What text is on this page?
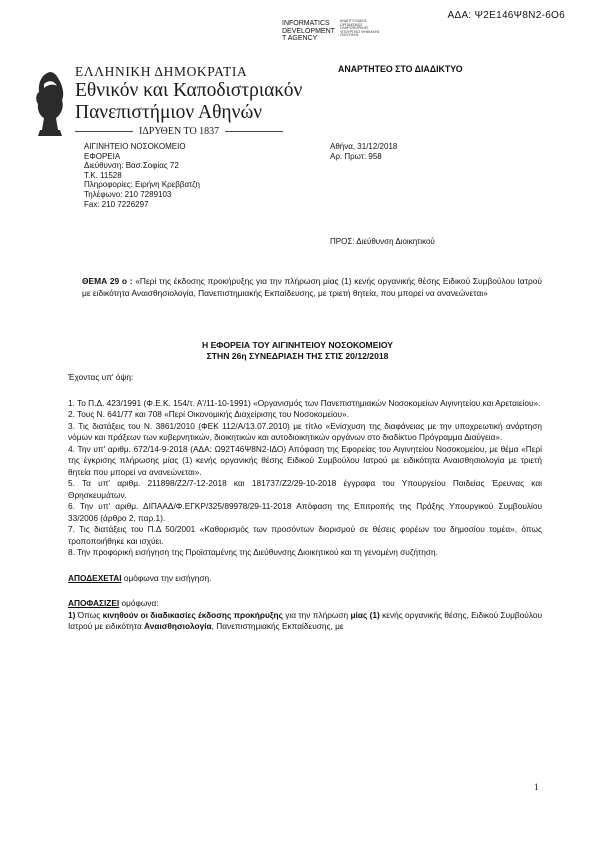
ΑΔΑ: Ψ2Ε146Ψ8Ν2-6Ο6
INFORMATICS
DEVELOPMENT
T AGENCY
ΑΝΑΠΤΥΞΙΑΚΟΣ
ΟΡΓΑΝΙΣΜΟΣ
ΠΛΗΡΟΦΟΡΙΚΗΣ
ΥΠΟΥΡΓΕΙΟ ΨΗΦΙΑΚΗΣ
ΠΟΛΙΤΙΚΗΣ
ΕΛΛΗΝΙΚΗ ΔΗΜΟΚΡΑΤΙΑ
Εθνικόν και Καποδιστριακόν
Πανεπιστήμιον Αθηνών
ΙΔΡΥΘΕΝ ΤΟ 1837
ΑΝΑΡΤΗΤΕΟ ΣΤΟ ΔΙΑΔΙΚΤΥΟ
ΑΙΓΙΝΗΤΕΙΟ ΝΟΣΟΚΟΜΕΙΟ
ΕΦΟΡΕΙΑ
Διεύθυνση: Βασ.Σοφίας 72
Τ.Κ. 11528
Πληροφορίες: Ειρήνη Κρεββατζη
Τηλέφωνο: 210 7289103
Fax: 210 7226297
Αθήνα, 31/12/2018
Αρ. Πρωτ: 958
ΠΡΟΣ: Διεύθυνση Διοικητικού
ΘΕΜΑ 29 ο : «Περί της έκδοσης προκήρυξης για την πλήρωση μίας (1) κενής οργανικής θέσης Ειδικού Συμβούλου Ιατρού με ειδικότητα Αναισθησιολογία, Πανεπιστημιακής Εκπαίδευσης, με τριετή θητεία, που μπορεί να ανανεώνεται»
Η ΕΦΟΡΕΙΑ ΤΟΥ ΑΙΓΙΝΗΤΕΙΟΥ ΝΟΣΟΚΟΜΕΙΟΥ
ΣΤΗΝ 26η ΣΥΝΕΔΡΙΑΣΗ ΤΗΣ ΣΤΙΣ 20/12/2018

Έχοντας υπ' όψη:

1. Το Π.Δ. 423/1991 (Φ.Ε.Κ. 154/τ. Α'/11-10-1991) «Οργανισμός των Πανεπιστημιακών Νοσοκομείων Αιγινητείου και Αρεταιείου».

2. Τους Ν. 641/77 και 708 «Περί Οικονομικής Διαχείρισης του Νοσοκομείου».

3. Τις διατάξεις του Ν. 3861/2010 (ΦΕΚ 112/Α/13.07.2010) με τίτλο «Ενίσχυση της διαφάνειας με την υποχρεωτική ανάρτηση νόμων και πράξεων των κυβερνητικών, διοικητικών και αυτοδιοικητικών οργάνων στο διαδίκτυο Πρόγραμμα Διαύγεια».

4. Την υπ' αριθμ. 672/14-9-2018 (ΑΔΑ: Ω92Τ46Ψ8Ν2-ΙΔΟ) Απόφαση της Εφορείας του Αιγινητείου Νοσοκομείου, με θέμα «Περί της έγκρισης πλήρωσης μίας (1) κενής οργανικής θέσης Ειδικού Συμβούλου Ιατρού με ειδικότητα Αναισθησιολογία με τριετή θητεία που μπορεί να ανανεώνεται».

5. Τα υπ' αριθμ. 211898/Ζ2/7-12-2018 και 181737/Ζ2/29-10-2018 έγγραφα του Υπουργείου Παιδείας Έρευνας και Θρησκευμάτων.

6. Την υπ' αριθμ. ΔΙΠΑΑΔ/Φ.ΕΓΚΡ/325/89978/29-11-2018 Απόφαση της Επιτροπής της Πράξης Υπουργικού Συμβουλίου 33/2006 (άρθρο 2, παρ.1).

7. Τις διατάξεις του Π.Δ 50/2001 «Καθορισμός των προσόντων διορισμού σε θέσεις φορέων του δημοσίου τομέα», όπως τροποποιήθηκε και ισχύει.

8. Την προφορική εισήγηση της Προϊσταμένης της Διεύθυνσης Διοικητικού και τη γενομένη συζήτηση.

ΑΠΟΔΕΧΕΤΑΙ ομόφωνα την εισήγηση.

ΑΠΟΦΑΣΙΖΕΙ ομόφωνα:

1) Όπως κινηθούν οι διαδικασίες έκδοσης προκήρυξης για την πλήρωση μίας (1) κενής οργανικής θέσης, Ειδικού Συμβούλου Ιατρού με ειδικότητα Αναισθησιολογία, Πανεπιστημιακής Εκπαίδευσης, με

1
